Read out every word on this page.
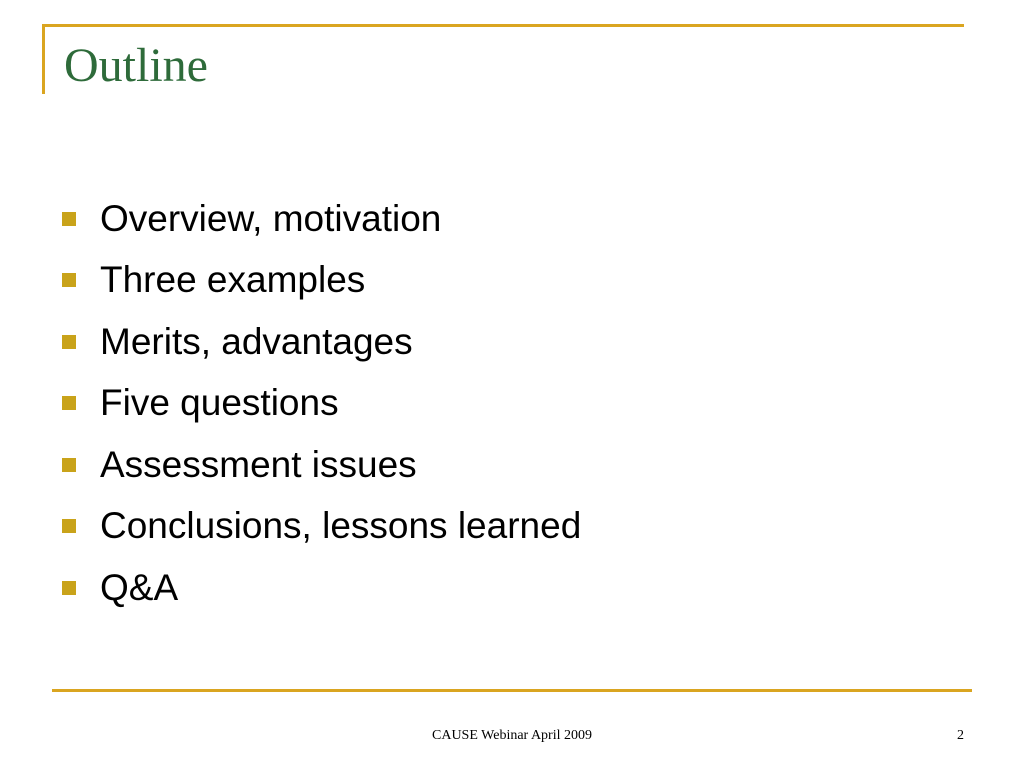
Outline
Overview, motivation
Three examples
Merits, advantages
Five questions
Assessment issues
Conclusions, lessons learned
Q&A
CAUSE Webinar April 2009	2
